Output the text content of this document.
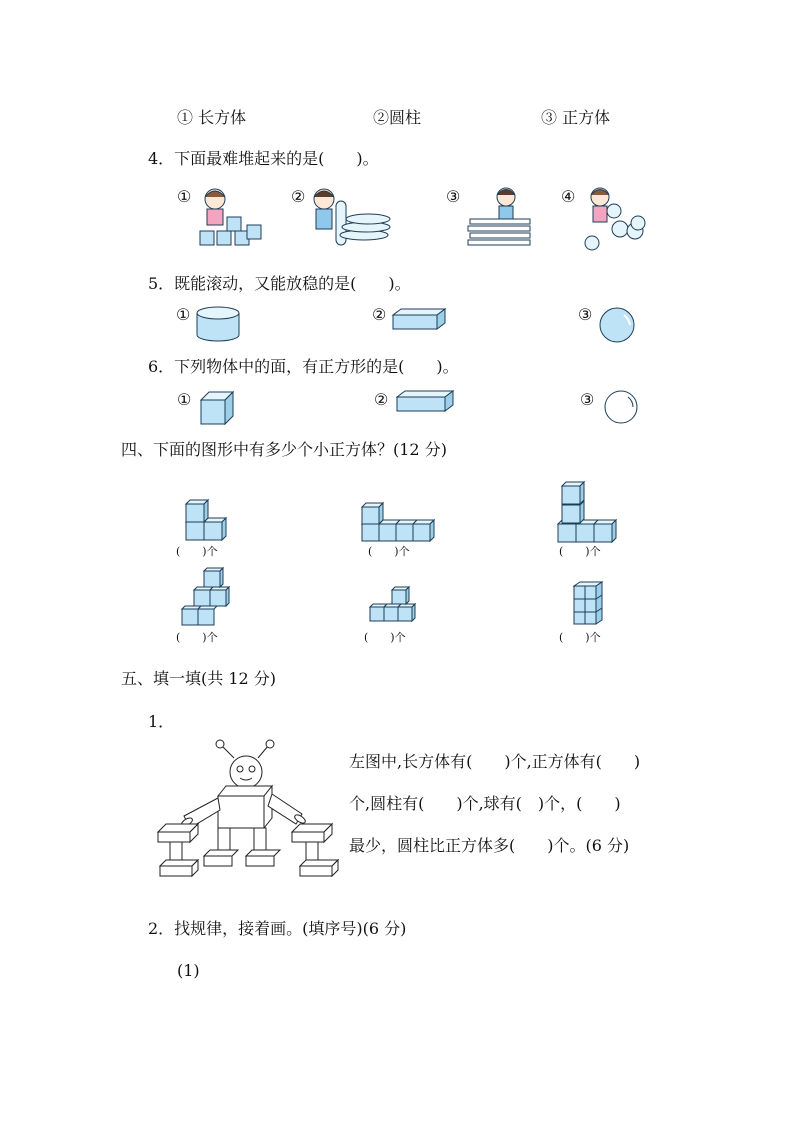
① 长方体	②圆柱	③ 正方体
4．下面最难堆起来的是(　　)。
①	②	③	④
5．既能滚动，又能放稳的是(　　)。
①	②	③
6．下列物体中的面，有正方形的是(　　)。
①	②	③
四、下面的图形中有多少个小正方体？(12 分)
(　　)个	(　　)个	(　　)个
(　　)个	(　　)个	(　　)个
五、填一填(共 12 分)
1．
左图中,长方体有(　　)个,正方体有(　　)
个,圆柱有(　　)个,球有(　)个，(　　)
最少，圆柱比正方体多(　　)个。(6 分)
2．找规律，接着画。(填序号)(6 分)
(1)
